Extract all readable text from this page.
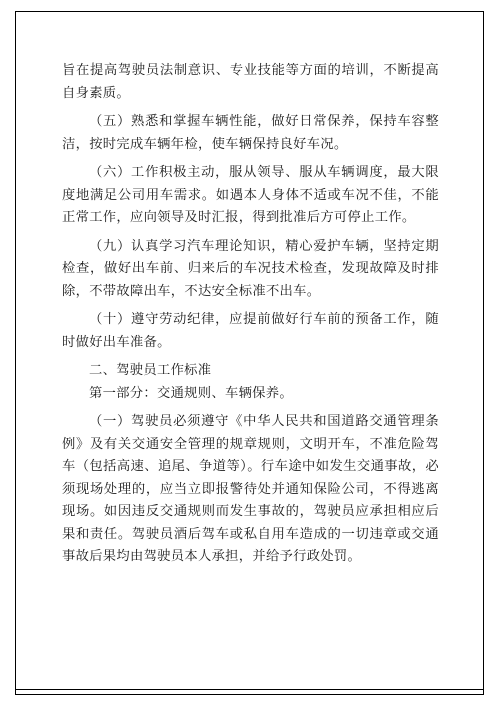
旨在提高驾驶员法制意识、专业技能等方面的培训，不断提高自身素质。

（五）熟悉和掌握车辆性能，做好日常保养，保持车容整洁，按时完成车辆年检，使车辆保持良好车况。

（六）工作积极主动，服从领导、服从车辆调度，最大限度地满足公司用车需求。如遇本人身体不适或车况不佳，不能正常工作，应向领导及时汇报，得到批准后方可停止工作。

（九）认真学习汽车理论知识，精心爱护车辆，坚持定期检查，做好出车前、归来后的车况技术检查，发现故障及时排除，不带故障出车，不达安全标准不出车。

（十）遵守劳动纪律，应提前做好行车前的预备工作，随时做好出车准备。

二、驾驶员工作标准

第一部分：交通规则、车辆保养。

（一）驾驶员必须遵守《中华人民共和国道路交通管理条例》及有关交通安全管理的规章规则，文明开车，不准危险驾车（包括高速、追尾、争道等）。行车途中如发生交通事故，必须现场处理的，应当立即报警待处并通知保险公司，不得逃离现场。如因违反交通规则而发生事故的，驾驶员应承担相应后果和责任。驾驶员酒后驾车或私自用车造成的一切违章或交通事故后果均由驾驶员本人承担，并给予行政处罚。
